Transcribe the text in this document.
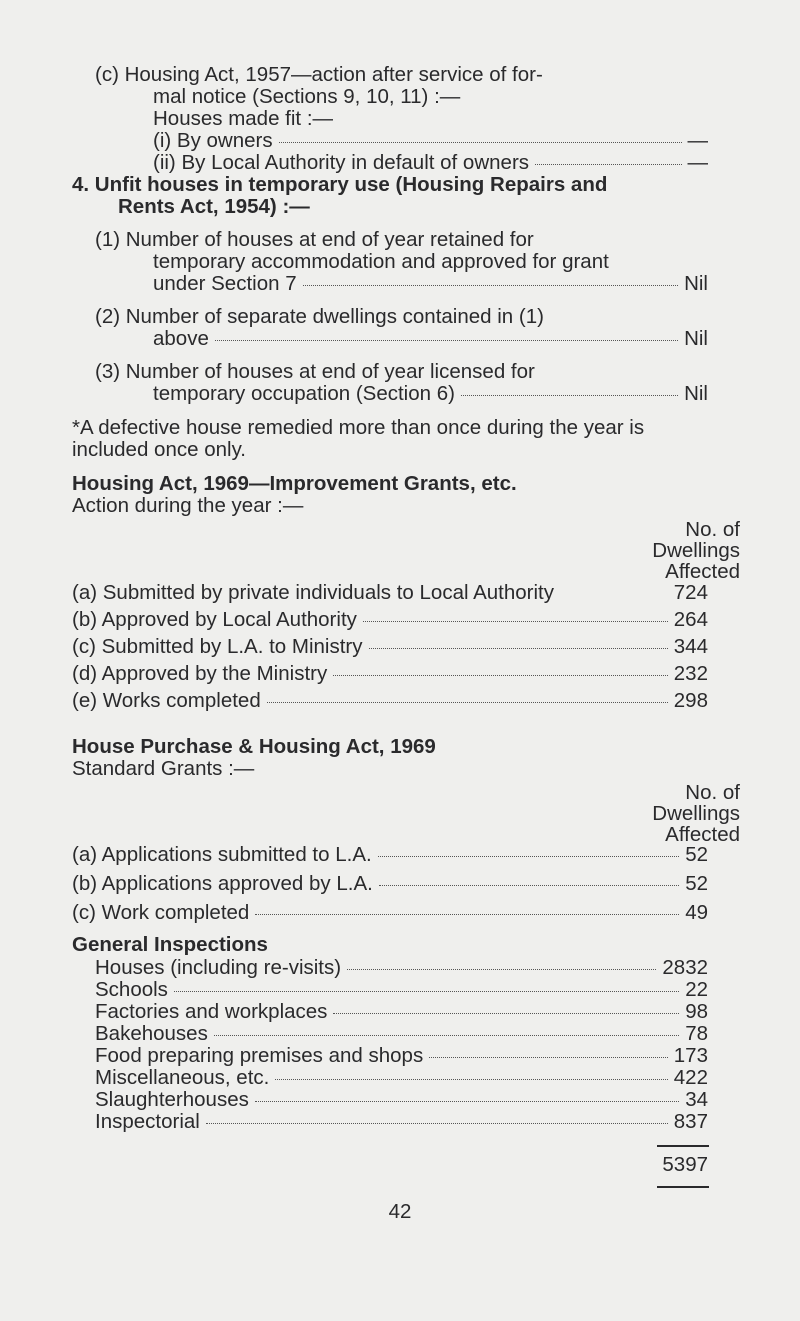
(c) Housing Act, 1957—action after service of for-
mal notice (Sections 9, 10, 11) :—
Houses made fit :—
(i) By owners	—
(ii) By Local Authority in default of owners	—
4. Unfit houses in temporary use (Housing Repairs and
Rents Act, 1954) :—
(1) Number of houses at end of year retained for
temporary accommodation and approved for grant
under Section 7	Nil
(2) Number of separate dwellings contained in (1)
above	Nil
(3) Number of houses at end of year licensed for
temporary occupation (Section 6)	Nil
*A defective house remedied more than once during the year is
included once only.
Housing Act, 1969—Improvement Grants, etc.
Action during the year :—
No. of
Dwellings
Affected
(a) Submitted by private individuals to Local Authority	724
(b) Approved by Local Authority	264
(c) Submitted by L.A. to Ministry	344
(d) Approved by the Ministry	232
(e) Works completed	298
House Purchase & Housing Act, 1969
Standard Grants :—
No. of
Dwellings
Affected
(a) Applications submitted to L.A.	52
(b) Applications approved by L.A.	52
(c) Work completed	49
General Inspections
Houses (including re-visits)	2832
Schools	22
Factories and workplaces	98
Bakehouses	78
Food preparing premises and shops	173
Miscellaneous, etc.	422
Slaughterhouses	34
Inspectorial	837
5397
42
